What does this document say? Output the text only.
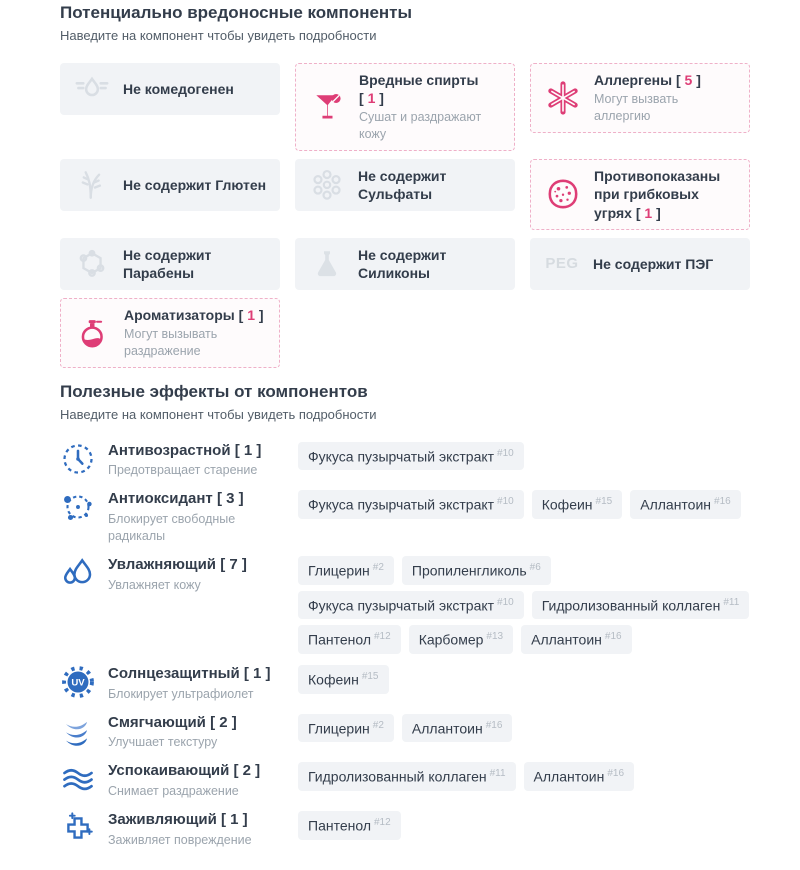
Потенциально вредоносные компоненты

Наведите на компонент чтобы увидеть подробности

Не комедогенен
Вредные спирты [ 1 ]
Сушат и раздражают кожу
Аллергены [ 5 ]
Могут вызвать аллергию
Не содержит Глютен
Не содержит Сульфаты
Противопоказаны при грибковых угрях [ 1 ]
Не содержит Парабены
Не содержит Силиконы
PEG Не содержит ПЭГ
Ароматизаторы [ 1 ]
Могут вызывать раздражение
Полезные эффекты от компонентов

Наведите на компонент чтобы увидеть подробности

Антивозрастной [ 1 ]
Предотвращает старение
Фукуса пузырчатый экстракт $^{\#10}$
Антиоксидант [ 3 ]
Блокирует свободные радикалы
Фукуса пузырчатый экстракт $^{\#10}$	Кофеин $^{\#15}$	Аллантоин $^{\#16}$
Увлажняющий [ 7 ]
Увлажняет кожу
Глицерин $^{\#2}$	Пропиленгликоль $^{\#6}$
Фукуса пузырчатый экстракт $^{\#10}$	Гидролизованный коллаген $^{\#11}$
Пантенол $^{\#12}$	Карбомер $^{\#13}$	Аллантоин $^{\#16}$
UV
Солнцезащитный [ 1 ]
Блокирует ультрафиолет
Кофеин $^{\#15}$
Смягчающий [ 2 ]
Улучшает текстуру
Глицерин $^{\#2}$	Аллантоин $^{\#16}$
Успокаивающий [ 2 ]
Снимает раздражение
Гидролизованный коллаген $^{\#11}$	Аллантоин $^{\#16}$
Заживляющий [ 1 ]
Заживляет повреждение
Пантенол $^{\#12}$
